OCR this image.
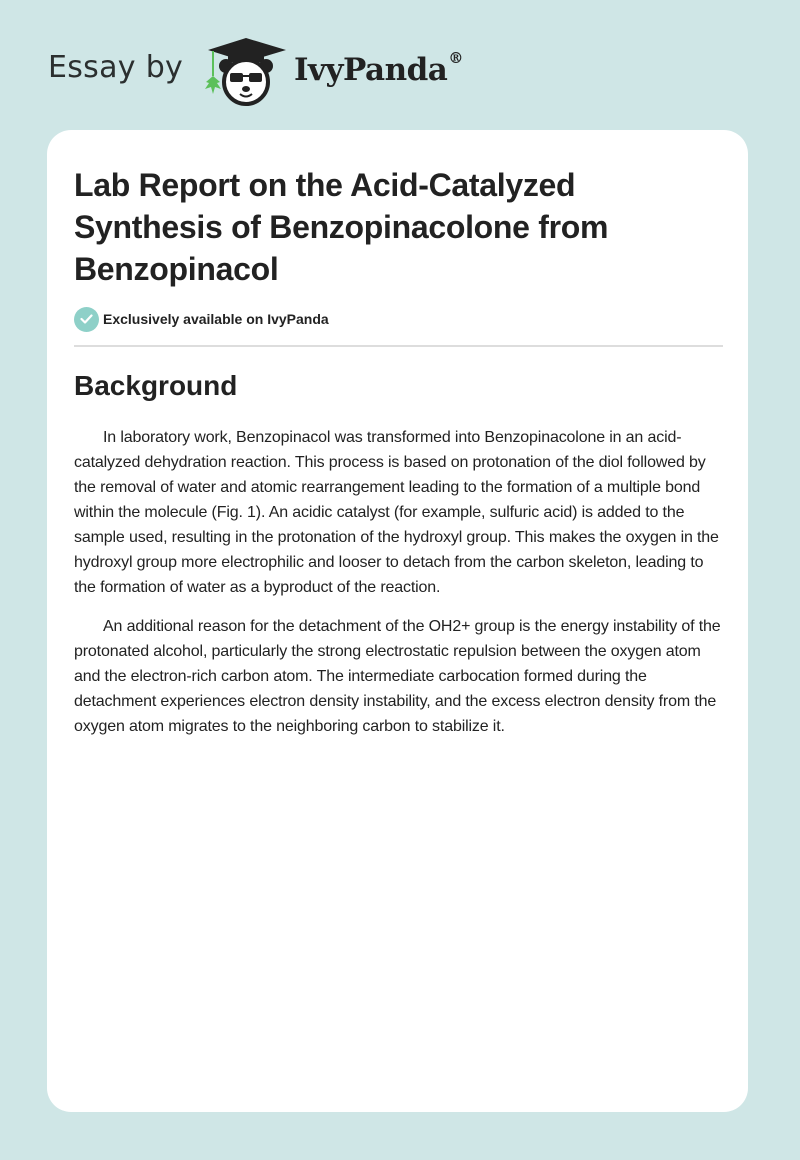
Essay by	IvyPanda®
Lab Report on the Acid-Catalyzed Synthesis of Benzopinacolone from Benzopinacol
Exclusively available on IvyPanda
Background

In laboratory work, Benzopinacol was transformed into Benzopinacolone in an acid-catalyzed dehydration reaction. This process is based on protonation of the diol followed by the removal of water and atomic rearrangement leading to the formation of a multiple bond within the molecule (Fig. 1). An acidic catalyst (for example, sulfuric acid) is added to the sample used, resulting in the protonation of the hydroxyl group. This makes the oxygen in the hydroxyl group more electrophilic and looser to detach from the carbon skeleton, leading to the formation of water as a byproduct of the reaction.

An additional reason for the detachment of the OH2+ group is the energy instability of the protonated alcohol, particularly the strong electrostatic repulsion between the oxygen atom and the electron-rich carbon atom. The intermediate carbocation formed during the detachment experiences electron density instability, and the excess electron density from the oxygen atom migrates to the neighboring carbon to stabilize it.
